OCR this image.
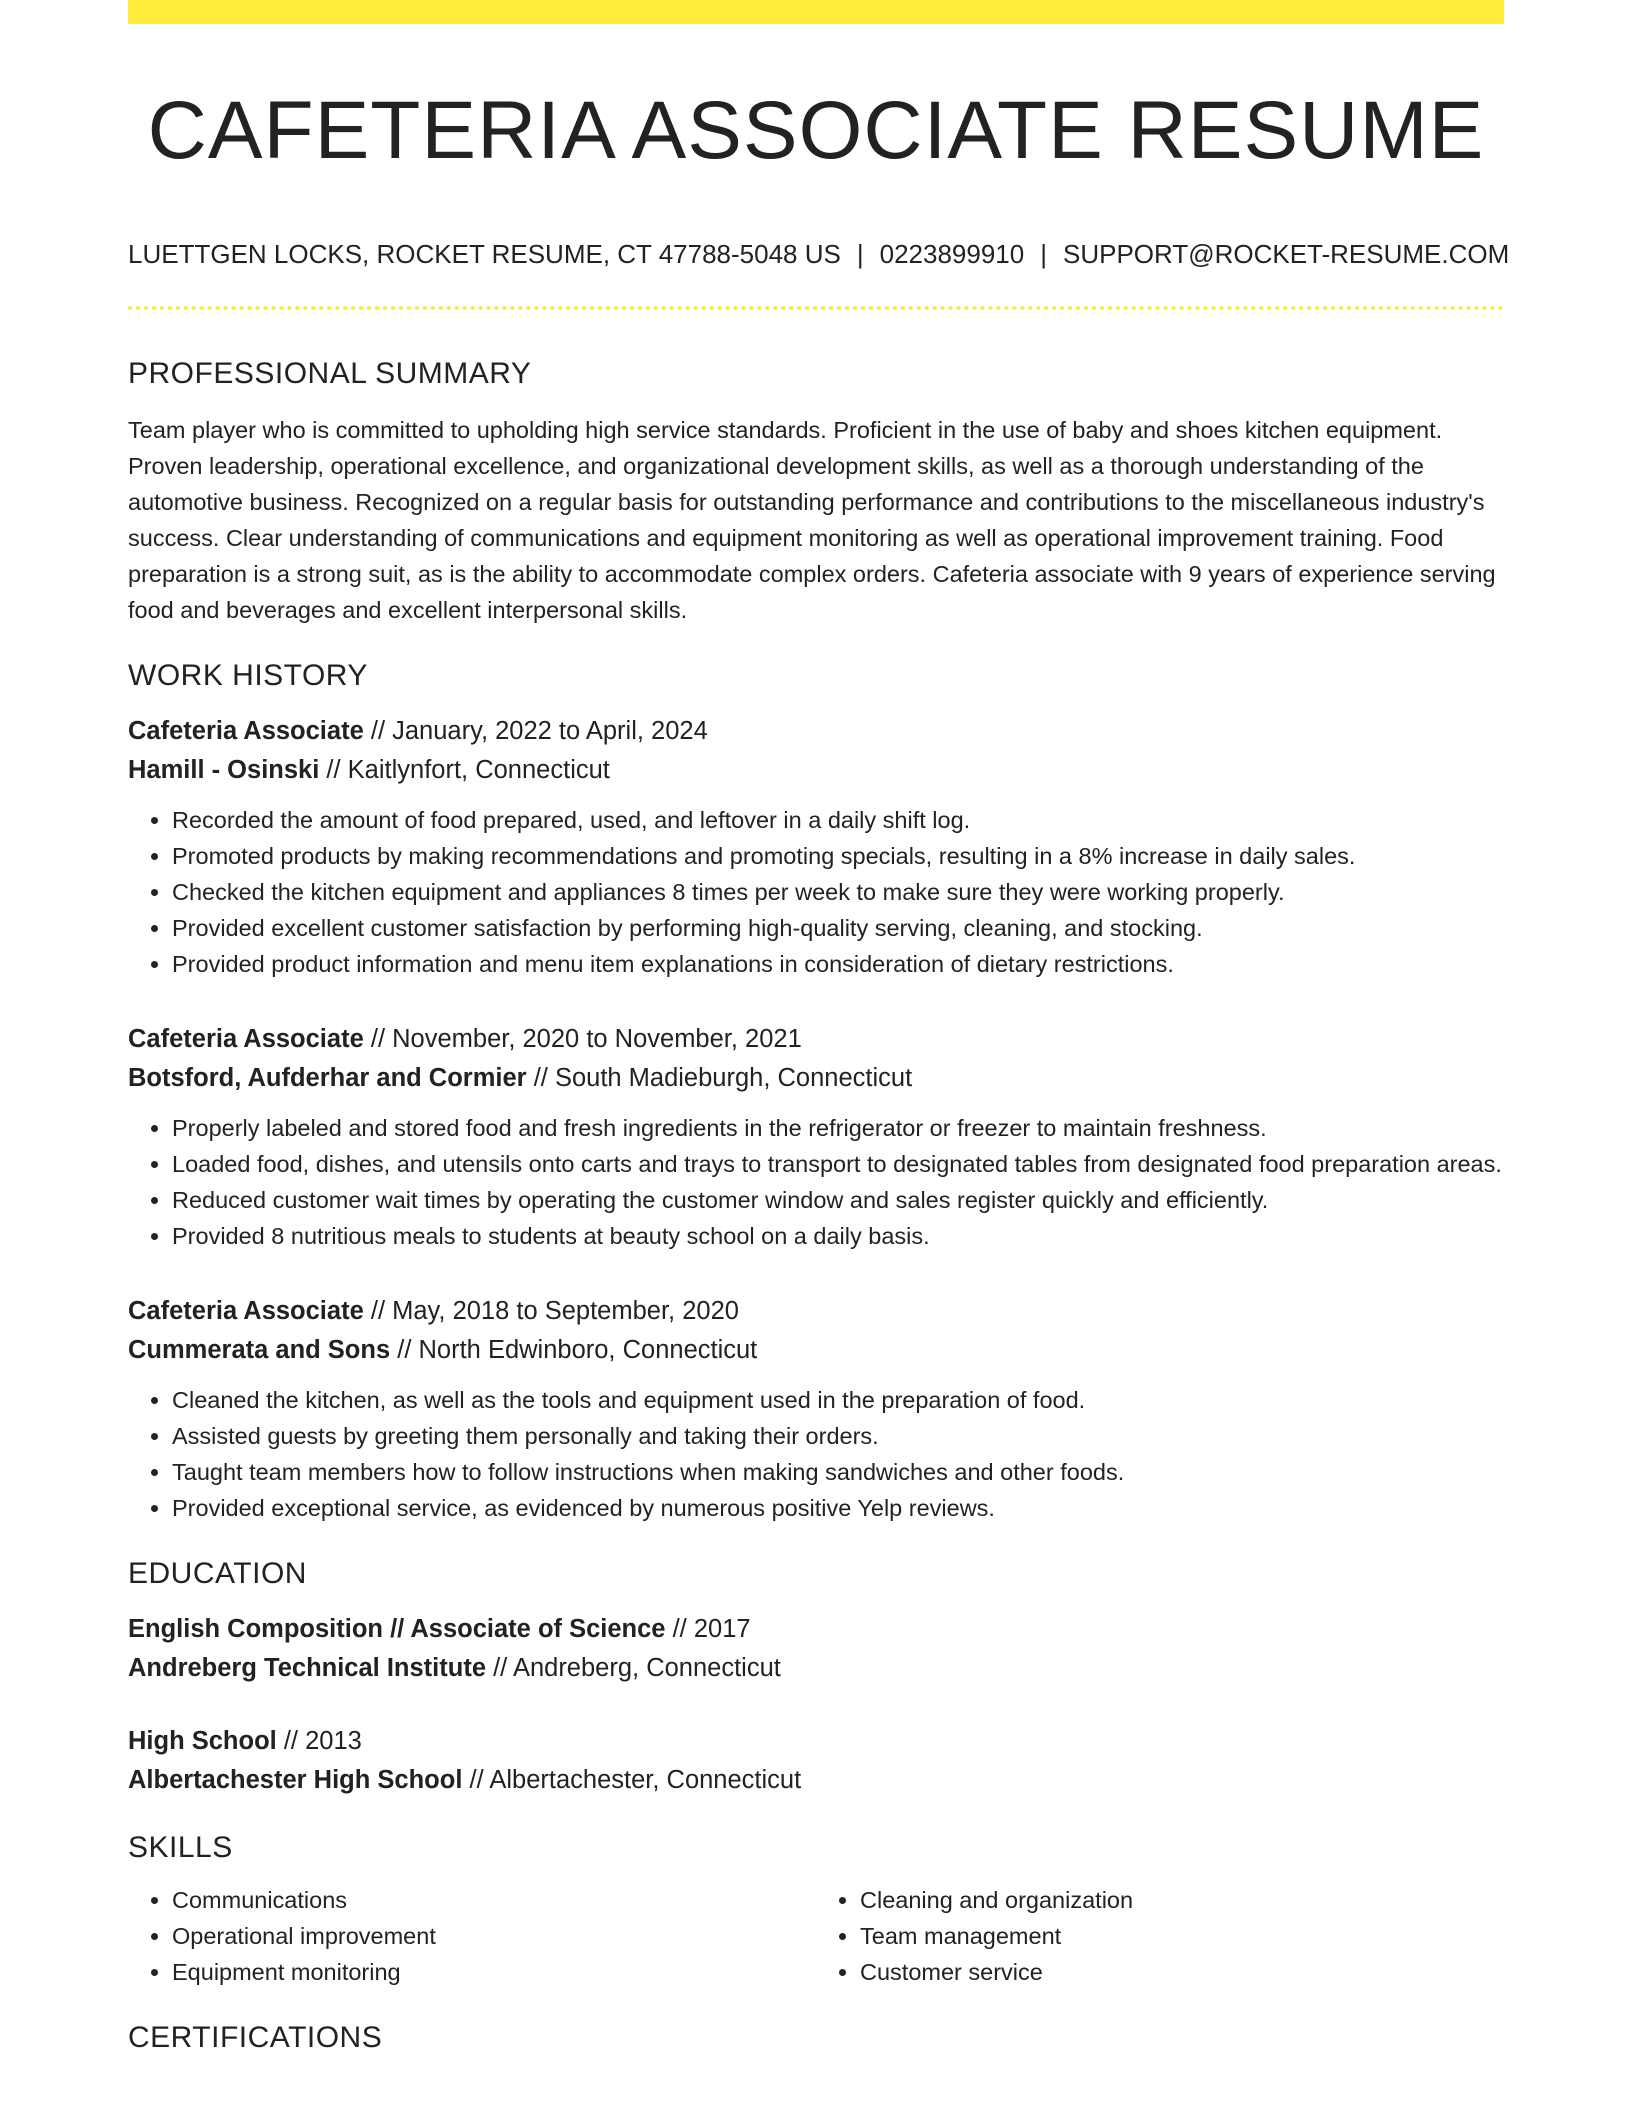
CAFETERIA ASSOCIATE RESUME
LUETTGEN LOCKS, ROCKET RESUME, CT 47788-5048 US | 0223899910 | SUPPORT@ROCKET-RESUME.COM
PROFESSIONAL SUMMARY

Team player who is committed to upholding high service standards. Proficient in the use of baby and shoes kitchen equipment. Proven leadership, operational excellence, and organizational development skills, as well as a thorough understanding of the automotive business. Recognized on a regular basis for outstanding performance and contributions to the miscellaneous industry's success. Clear understanding of communications and equipment monitoring as well as operational improvement training. Food preparation is a strong suit, as is the ability to accommodate complex orders. Cafeteria associate with 9 years of experience serving food and beverages and excellent interpersonal skills.

WORK HISTORY
Cafeteria Associate // January, 2022 to April, 2024
Hamill - Osinski // Kaitlynfort, Connecticut
• Recorded the amount of food prepared, used, and leftover in a daily shift log.
• Promoted products by making recommendations and promoting specials, resulting in a 8% increase in daily sales.
• Checked the kitchen equipment and appliances 8 times per week to make sure they were working properly.
• Provided excellent customer satisfaction by performing high-quality serving, cleaning, and stocking.
• Provided product information and menu item explanations in consideration of dietary restrictions.
Cafeteria Associate // November, 2020 to November, 2021
Botsford, Aufderhar and Cormier // South Madieburgh, Connecticut
• Properly labeled and stored food and fresh ingredients in the refrigerator or freezer to maintain freshness.
• Loaded food, dishes, and utensils onto carts and trays to transport to designated tables from designated food preparation areas.
• Reduced customer wait times by operating the customer window and sales register quickly and efficiently.
• Provided 8 nutritious meals to students at beauty school on a daily basis.
Cafeteria Associate // May, 2018 to September, 2020
Cummerata and Sons // North Edwinboro, Connecticut
• Cleaned the kitchen, as well as the tools and equipment used in the preparation of food.
• Assisted guests by greeting them personally and taking their orders.
• Taught team members how to follow instructions when making sandwiches and other foods.
• Provided exceptional service, as evidenced by numerous positive Yelp reviews.
EDUCATION
English Composition // Associate of Science // 2017
Andreberg Technical Institute // Andreberg, Connecticut
High School // 2013
Albertachester High School // Albertachester, Connecticut
SKILLS
• Communications
• Operational improvement
• Equipment monitoring
• Cleaning and organization
• Team management
• Customer service
CERTIFICATIONS
